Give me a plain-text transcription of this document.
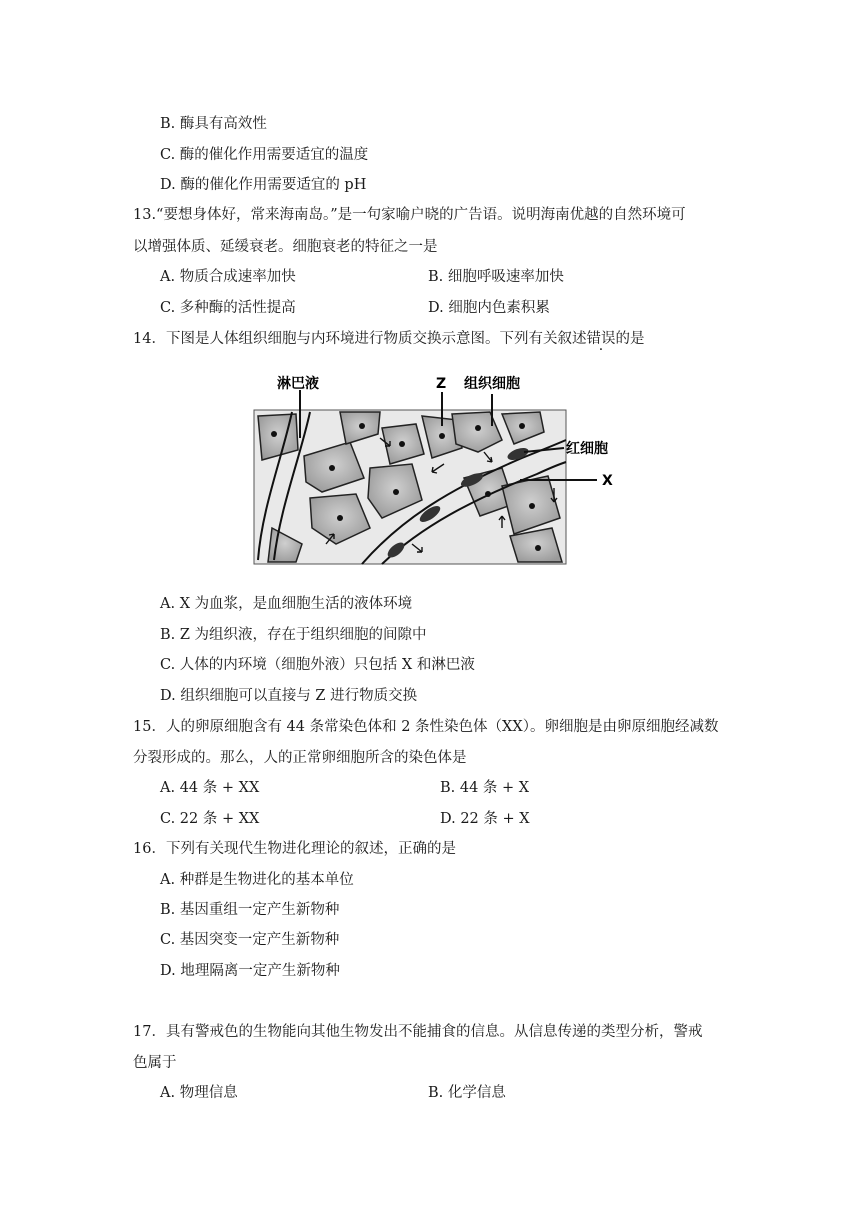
B. 酶具有高效性
C. 酶的催化作用需要适宜的温度
D. 酶的催化作用需要适宜的 pH
13.“要想身体好，常来海南岛。”是一句家喻户晓的广告语。说明海南优越的自然环境可
以增强体质、延缓衰老。细胞衰老的特征之一是
A. 物质合成速率加快	B. 细胞呼吸速率加快
C. 多种酶的活性提高	D. 细胞内色素积累
14．下图是人体组织细胞与内环境进行物质交换示意图。下列有关叙述错误的是
淋巴液	Z 组织细胞
红细胞
X
A. X 为血浆，是血细胞生活的液体环境
B. Z 为组织液，存在于组织细胞的间隙中
C. 人体的内环境（细胞外液）只包括 X 和淋巴液
D. 组织细胞可以直接与 Z 进行物质交换
15．人的卵原细胞含有 44 条常染色体和 2 条性染色体（XX）。卵细胞是由卵原细胞经减数
分裂形成的。那么，人的正常卵细胞所含的染色体是
A. 44 条 + XX	B. 44 条 + X
C. 22 条 + XX	D. 22 条 + X
16．下列有关现代生物进化理论的叙述，正确的是
A. 种群是生物进化的基本单位
B. 基因重组一定产生新物种
C. 基因突变一定产生新物种
D. 地理隔离一定产生新物种
17．具有警戒色的生物能向其他生物发出不能捕食的信息。从信息传递的类型分析，警戒
色属于
A. 物理信息	B. 化学信息
